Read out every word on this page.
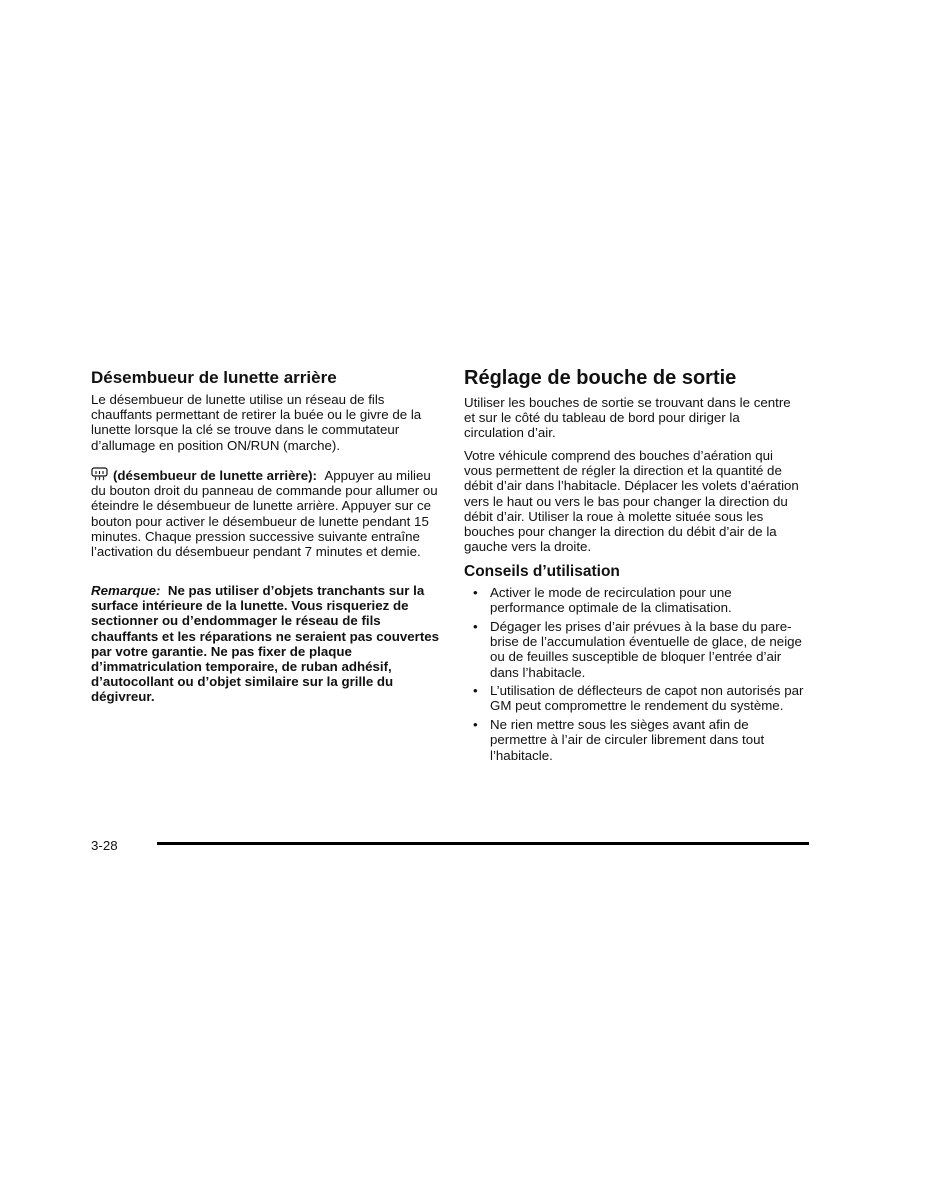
Désembueur de lunette arrière

Le désembueur de lunette utilise un réseau de fils chauffants permettant de retirer la buée ou le givre de la lunette lorsque la clé se trouve dans le commutateur d’allumage en position ON/RUN (marche).

(désembueur de lunette arrière): Appuyer au milieu du bouton droit du panneau de commande pour allumer ou éteindre le désembueur de lunette arrière. Appuyer sur ce bouton pour activer le désembueur de lunette pendant 15 minutes. Chaque pression successive suivante entraîne l’activation du désembueur pendant 7 minutes et demie.

Remarque: Ne pas utiliser d’objets tranchants sur la surface intérieure de la lunette. Vous risqueriez de sectionner ou d’endommager le réseau de fils chauffants et les réparations ne seraient pas couvertes par votre garantie. Ne pas fixer de plaque d’immatriculation temporaire, de ruban adhésif, d’autocollant ou d’objet similaire sur la grille du dégivreur.

Réglage de bouche de sortie

Utiliser les bouches de sortie se trouvant dans le centre et sur le côté du tableau de bord pour diriger la circulation d’air.

Votre véhicule comprend des bouches d’aération qui vous permettent de régler la direction et la quantité de débit d’air dans l’habitacle. Déplacer les volets d’aération vers le haut ou vers le bas pour changer la direction du débit d’air. Utiliser la roue à molette située sous les bouches pour changer la direction du débit d’air de la gauche vers la droite.

Conseils d’utilisation
• Activer le mode de recirculation pour une performance optimale de la climatisation.
• Dégager les prises d’air prévues à la base du pare-brise de l’accumulation éventuelle de glace, de neige ou de feuilles susceptible de bloquer l’entrée d’air dans l’habitacle.
• L’utilisation de déflecteurs de capot non autorisés par GM peut compromettre le rendement du système.
• Ne rien mettre sous les sièges avant afin de permettre à l’air de circuler librement dans tout l’habitacle.
3-28
